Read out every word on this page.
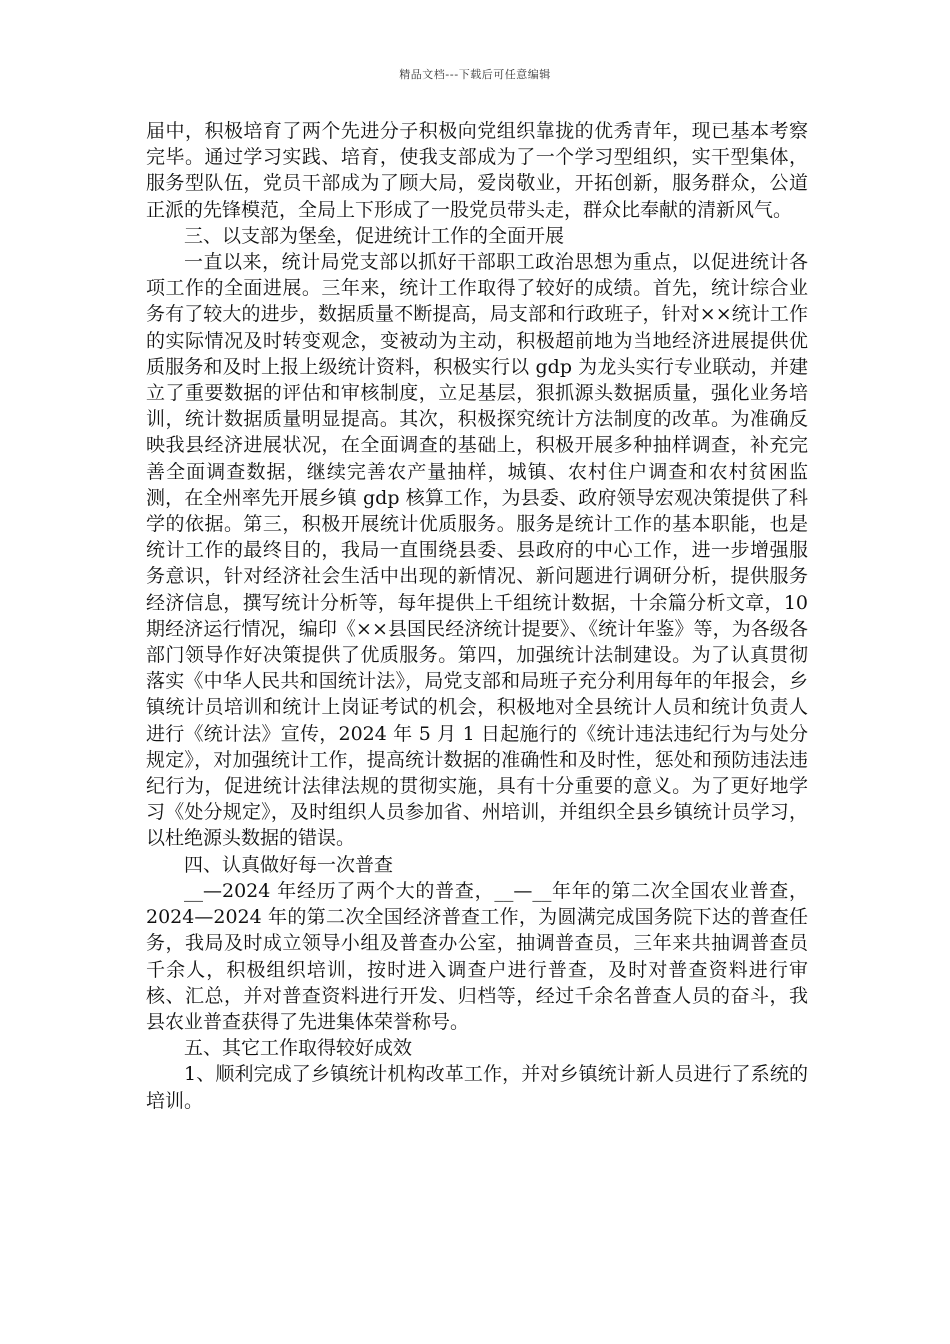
精品文档---下载后可任意编辑

届中，积极培育了两个先进分子积极向党组织靠拢的优秀青年，现已基本考察完毕。通过学习实践、培育，使我支部成为了一个学习型组织，实干型集体，服务型队伍，党员干部成为了顾大局，爱岗敬业，开拓创新，服务群众，公道正派的先锋模范，全局上下形成了一股党员带头走，群众比奉献的清新风气。

三、以支部为堡垒，促进统计工作的全面开展

一直以来，统计局党支部以抓好干部职工政治思想为重点，以促进统计各项工作的全面进展。三年来，统计工作取得了较好的成绩。首先，统计综合业务有了较大的进步，数据质量不断提高，局支部和行政班子，针对××统计工作的实际情况及时转变观念，变被动为主动，积极超前地为当地经济进展提供优质服务和及时上报上级统计资料，积极实行以 gdp 为龙头实行专业联动，并建立了重要数据的评估和审核制度，立足基层，狠抓源头数据质量，强化业务培训，统计数据质量明显提高。其次，积极探究统计方法制度的改革。为准确反映我县经济进展状况，在全面调查的基础上，积极开展多种抽样调查，补充完善全面调查数据，继续完善农产量抽样，城镇、农村住户调查和农村贫困监测，在全州率先开展乡镇 gdp 核算工作，为县委、政府领导宏观决策提供了科学的依据。第三，积极开展统计优质服务。服务是统计工作的基本职能，也是统计工作的最终目的，我局一直围绕县委、县政府的中心工作，进一步增强服务意识，针对经济社会生活中出现的新情况、新问题进行调研分析，提供服务经济信息，撰写统计分析等，每年提供上千组统计数据，十余篇分析文章，10 期经济运行情况，编印《××县国民经济统计提要》、《统计年鉴》等，为各级各部门领导作好决策提供了优质服务。第四，加强统计法制建设。为了认真贯彻落实《中华人民共和国统计法》，局党支部和局班子充分利用每年的年报会，乡镇统计员培训和统计上岗证考试的机会，积极地对全县统计人员和统计负责人进行《统计法》宣传，2024 年 5 月 1 日起施行的《统计违法违纪行为与处分规定》，对加强统计工作，提高统计数据的准确性和及时性，惩处和预防违法违纪行为，促进统计法律法规的贯彻实施，具有十分重要的意义。为了更好地学习《处分规定》，及时组织人员参加省、州培训，并组织全县乡镇统计员学习，以杜绝源头数据的错误。

四、认真做好每一次普查

__—2024 年经历了两个大的普查，__—__年年的第二次全国农业普查，2024—2024 年的第二次全国经济普查工作，为圆满完成国务院下达的普查任务，我局及时成立领导小组及普查办公室，抽调普查员，三年来共抽调普查员千余人，积极组织培训，按时进入调查户进行普查，及时对普查资料进行审核、汇总，并对普查资料进行开发、归档等，经过千余名普查人员的奋斗，我县农业普查获得了先进集体荣誉称号。

五、其它工作取得较好成效

1、顺利完成了乡镇统计机构改革工作，并对乡镇统计新人员进行了系统的培训。
